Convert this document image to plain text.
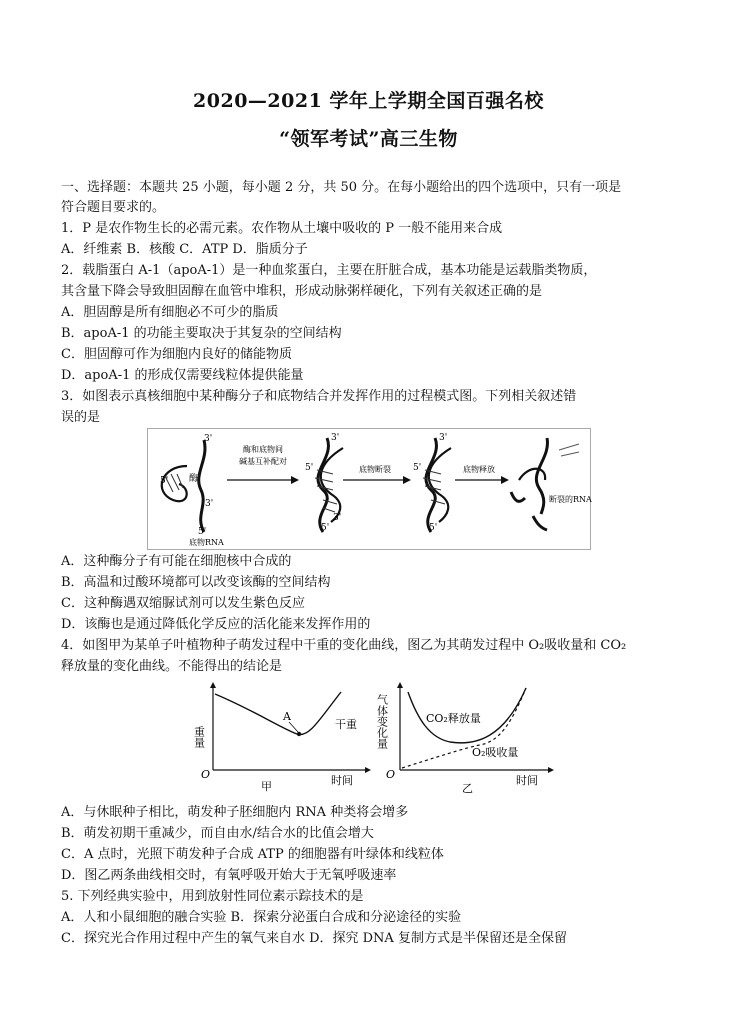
2020—2021 学年上学期全国百强名校
“领军考试”高三生物
一、选择题：本题共 25 小题，每小题 2 分，共 50 分。在每小题给出的四个选项中，只有一项是
符合题目要求的。
1．P 是农作物生长的必需元素。农作物从土壤中吸收的 P 一般不能用来合成
A．纤维素 B．核酸 C．ATP D．脂质分子
2．载脂蛋白 A-1（apoA-1）是一种血浆蛋白，主要在肝脏合成，基本功能是运载脂类物质，
其含量下降会导致胆固醇在血管中堆积，形成动脉粥样硬化，下列有关叙述正确的是
A．胆固醇是所有细胞必不可少的脂质
B．apoA-1 的功能主要取决于其复杂的空间结构
C．胆固醇可作为细胞内良好的储能物质
D．apoA-1 的形成仅需要线粒体提供能量
3．如图表示真核细胞中某种酶分子和底物结合并发挥作用的过程模式图。下列相关叙述错
误的是
3'
5' 酶
3'
5'
底物RNA
酶和底物间
碱基互补配对
3'
5'
5'
3'
底物断裂
3'
5'
5'
底物释放
断裂的RNA
A．这种酶分子有可能在细胞核中合成的
B．高温和过酸环境都可以改变该酶的空间结构
C．这种酶遇双缩脲试剂可以发生紫色反应
D．该酶也是通过降低化学反应的活化能来发挥作用的
4．如图甲为某单子叶植物种子萌发过程中干重的变化曲线，图乙为其萌发过程中 O₂吸收量和 CO₂
释放量的变化曲线。不能得出的结论是
A
干重
重量
O	时间
甲
CO₂释放量
O₂吸收量
气体变化量
O	时间
乙
A．与休眠种子相比，萌发种子胚细胞内 RNA 种类将会增多
B．萌发初期干重减少，而自由水/结合水的比值会增大
C．A 点时，光照下萌发种子合成 ATP 的细胞器有叶绿体和线粒体
D．图乙两条曲线相交时，有氧呼吸开始大于无氧呼吸速率
5. 下列经典实验中，用到放射性同位素示踪技术的是
A．人和小鼠细胞的融合实验 B．探索分泌蛋白合成和分泌途径的实验
C．探究光合作用过程中产生的氧气来自水 D．探究 DNA 复制方式是半保留还是全保留
